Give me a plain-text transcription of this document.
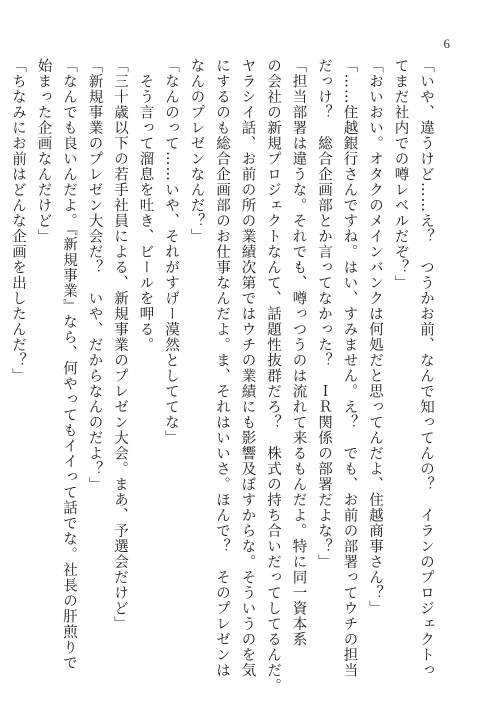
6
「いや、違うけど……え？　つうかお前、なんで知ってんの？　イランのプロジェクトっ
てまだ社内での噂レベルだぞ？」
「おいおい。オタクのメインバンクは何処だと思ってんだよ、住越商事さん？」
「……住越銀行さんですね。はい、すみません。え？　でも、お前の部署ってウチの担当
だっけ？　総合企画部とか言ってなかった？　ＩＲ関係の部署だよな？」
「担当部署は違うな。それでも、噂っつうのは流れて来るもんだよ。特に同一資本系
の会社の新規プロジェクトなんて、話題性抜群だろ？　株式の持ち合いだってしてるんだ。
ヤラシイ話、お前の所の業績次第ではウチの業績にも影響及ぼすからな。そういうのを気
にするのも総合企画部のお仕事なんだよ。ま、それはいいさ。ほんで？　そのプレゼンは
なんのプレゼンなんだ？」
「なんのって……いや、それがすげー漠然としててな」
　そう言って溜息を吐き、ビールを呷る。
「三十歳以下の若手社員による、新規事業のプレゼン大会。まあ、予選会だけど」
「新規事業のプレゼン大会だ？　いや、だからなんのだよ？」
「なんでも良いんだよ。『新規事業』なら、何やってもイイって話でな。社長の肝煎りで
始まった企画なんだけど」
「ちなみにお前はどんな企画を出したんだ？」
